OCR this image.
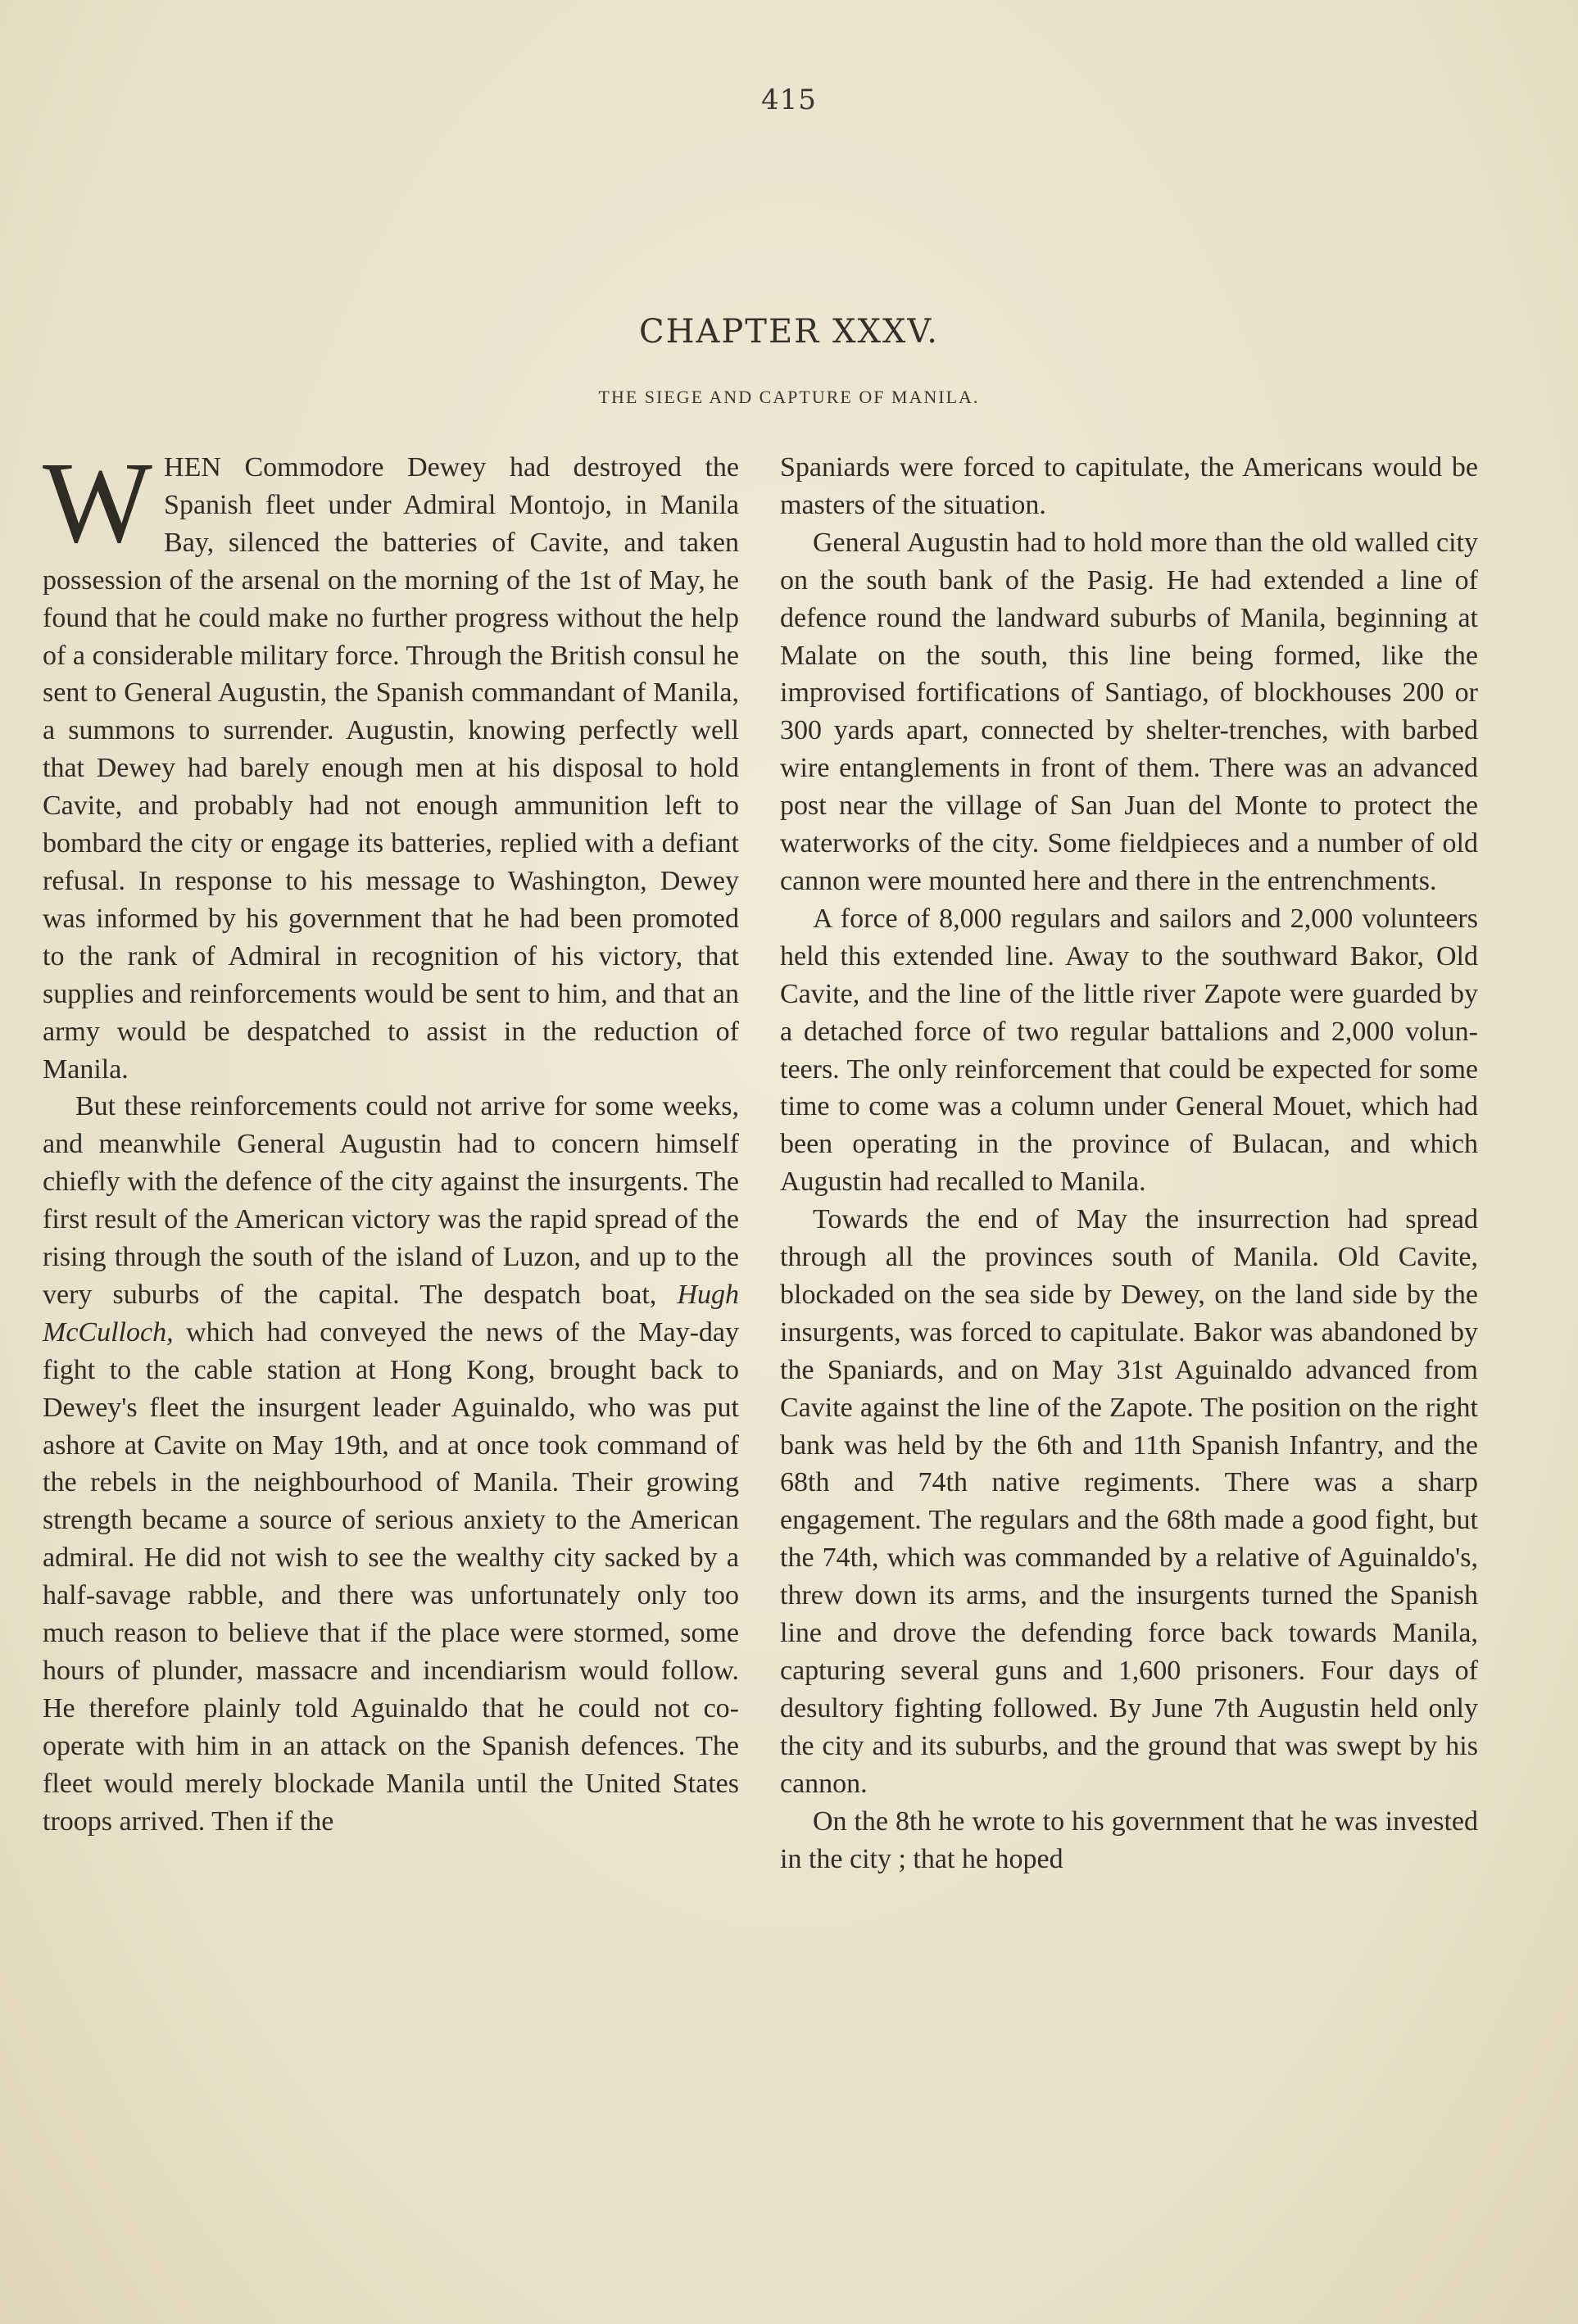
415
CHAPTER XXXV.
THE SIEGE AND CAPTURE OF MANILA.

W HEN Commodore Dewey had destroyed the Spanish fleet under Admiral Montojo, in Manila Bay, silenced the batteries of Cavite, and taken possession of the arsenal on the morning of the 1st of May, he found that he could make no further progress without the help of a considerable military force. Through the British consul he sent to General Augustin, the Spanish commandant of Manila, a summons to surrender. Augustin, knowing perfectly well that Dewey had barely enough men at his disposal to hold Cavite, and probably had not enough ammunition left to bombard the city or engage its batteries, replied with a defiant refusal. In response to his message to Washington, Dewey was informed by his government that he had been promoted to the rank of Admiral in recognition of his victory, that supplies and reinforcements would be sent to him, and that an army would be despatched to assist in the reduction of Manila.

But these reinforcements could not arrive for some weeks, and meanwhile General Augustin had to concern himself chiefly with the defence of the city against the insurgents. The first result of the American victory was the rapid spread of the rising through the south of the island of Luzon, and up to the very suburbs of the capital. The despatch boat, Hugh McCulloch, which had conveyed the news of the May-day fight to the cable station at Hong Kong, brought back to Dewey's fleet the insurgent leader Aguinaldo, who was put ashore at Cavite on May 19th, and at once took command of the rebels in the neighbourhood of Manila. Their growing strength became a source of serious anxiety to the American admiral. He did not wish to see the wealthy city sacked by a half-savage rabble, and there was unfortunately only too much reason to believe that if the place were stormed, some hours of plunder, massacre and incendiarism would follow. He therefore plainly told Aguinaldo that he could not co-operate with him in an attack on the Spanish defences. The fleet would merely blockade Manila until the United States troops arrived. Then if the

Spaniards were forced to capitulate, the Americans would be masters of the situation.

General Augustin had to hold more than the old walled city on the south bank of the Pasig. He had extended a line of defence round the landward suburbs of Manila, beginning at Malate on the south, this line being formed, like the improvised fortifications of Santiago, of blockhouses 200 or 300 yards apart, connected by shelter-trenches, with barbed wire entanglements in front of them. There was an advanced post near the village of San Juan del Monte to protect the waterworks of the city. Some fieldpieces and a number of old cannon were mounted here and there in the entrenchments.

A force of 8,000 regulars and sailors and 2,000 volunteers held this extended line. Away to the southward Bakor, Old Cavite, and the line of the little river Zapote were guarded by a detached force of two regular battalions and 2,000 volunteers. The only reinforcement that could be expected for some time to come was a column under General Mouet, which had been operating in the province of Bulacan, and which Augustin had recalled to Manila.

Towards the end of May the insurrection had spread through all the provinces south of Manila. Old Cavite, blockaded on the sea side by Dewey, on the land side by the insurgents, was forced to capitulate. Bakor was abandoned by the Spaniards, and on May 31st Aguinaldo advanced from Cavite against the line of the Zapote. The position on the right bank was held by the 6th and 11th Spanish Infantry, and the 68th and 74th native regiments. There was a sharp engagement. The regulars and the 68th made a good fight, but the 74th, which was commanded by a relative of Aguinaldo's, threw down its arms, and the insurgents turned the Spanish line and drove the defending force back towards Manila, capturing several guns and 1,600 prisoners. Four days of desultory fighting followed. By June 7th Augustin held only the city and its suburbs, and the ground that was swept by his cannon.

On the 8th he wrote to his government that he was invested in the city ; that he hoped
